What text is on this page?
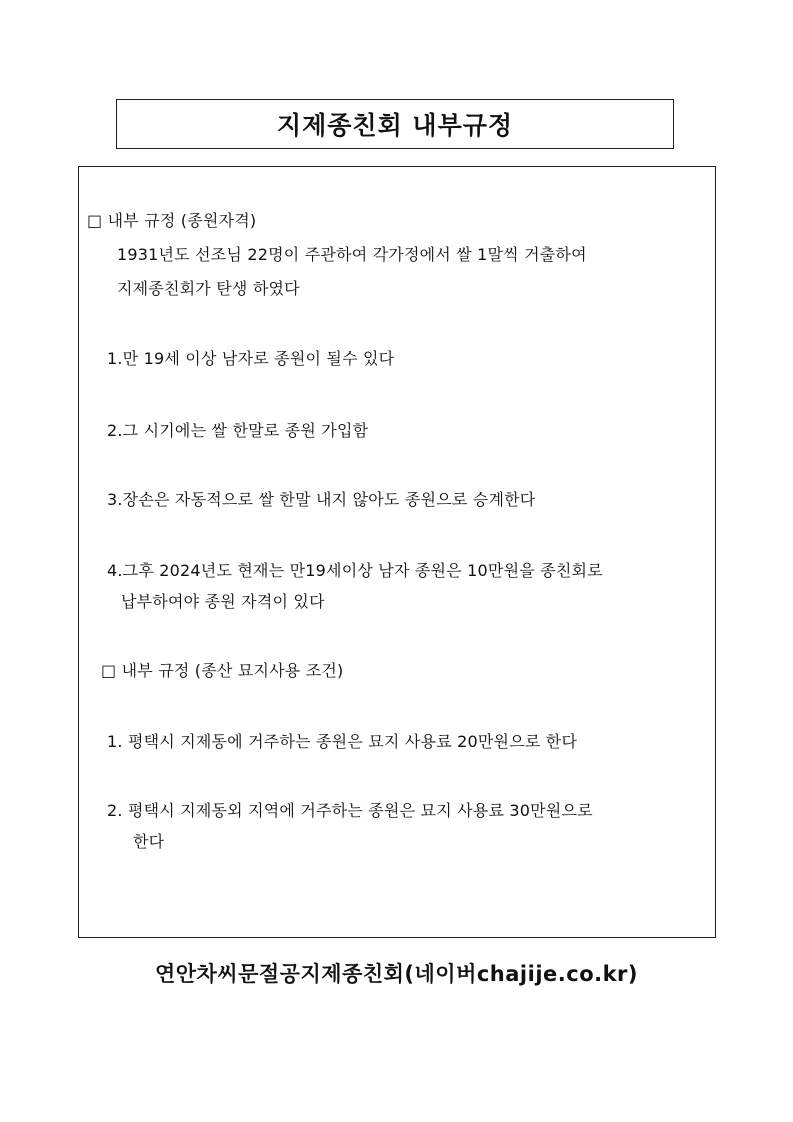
지제종친회 내부규정
□ 내부 규정 (종원자격)
1931년도 선조님 22명이 주관하여 각가정에서 쌀 1말씩 거출하여
지제종친회가 탄생 하였다
1.만 19세 이상 남자로 종원이 될수 있다
2.그 시기에는 쌀 한말로 종원 가입함
3.장손은 자동적으로 쌀 한말 내지 않아도 종원으로 승계한다
4.그후 2024년도 현재는 만19세이상 남자 종원은 10만원을 종친회로
납부하여야 종원 자격이 있다
□ 내부 규정 (종산 묘지사용 조건)
1. 평택시 지제동에 거주하는 종원은 묘지 사용료 20만원으로 한다
2. 평택시 지제동외 지역에 거주하는 종원은 묘지 사용료 30만원으로
한다
연안차씨문절공지제종친회(네이버chajije.co.kr)
